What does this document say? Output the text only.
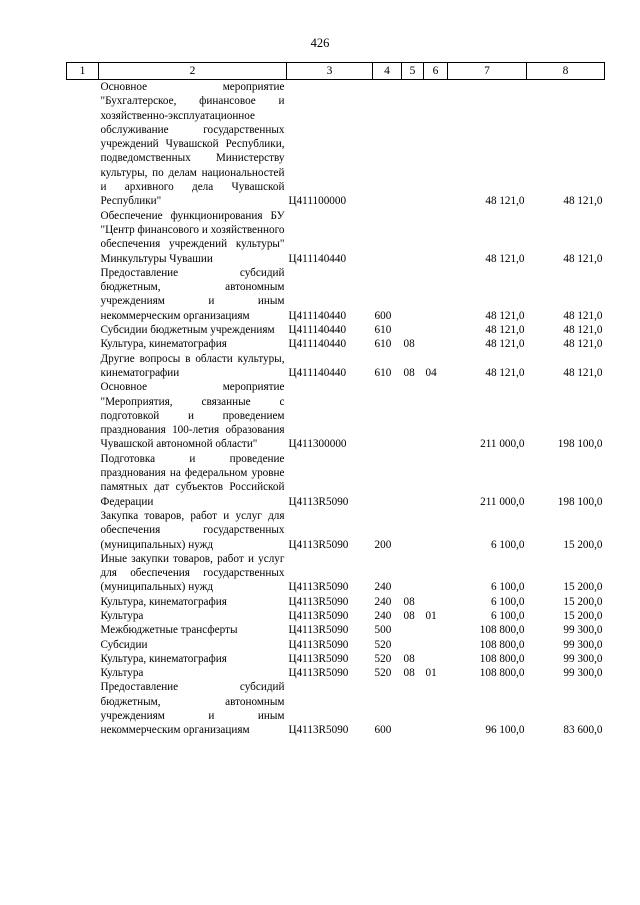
426
1	2	3	4	5	6	7	8
	Основное мероприятие "Бухгалтерское, финансовое и хозяйственно-эксплуатационное обслуживание государственных учреждений Чувашской Республики, подведомственных Министерству культуры, по делам национальностей и архивного дела Чувашской Республики"	Ц411100000				48 121,0	48 121,0
	Обеспечение функционирования БУ "Центр финансового и хозяйственного обеспечения учреждений культуры" Минкультуры Чувашии	Ц411140440				48 121,0	48 121,0
	Предоставление субсидий бюджетным, автономным учреждениям и иным некоммерческим организациям	Ц411140440	600			48 121,0	48 121,0
	Субсидии бюджетным учреждениям	Ц411140440	610			48 121,0	48 121,0
	Культура, кинематография	Ц411140440	610	08		48 121,0	48 121,0
	Другие вопросы в области культуры, кинематографии	Ц411140440	610	08	04	48 121,0	48 121,0
	Основное мероприятие "Мероприятия, связанные с подготовкой и проведением празднования 100-летия образования Чувашской автономной области"	Ц411300000				211 000,0	198 100,0
	Подготовка и проведение празднования на федеральном уровне памятных дат субъектов Российской Федерации	Ц4113R5090				211 000,0	198 100,0
	Закупка товаров, работ и услуг для обеспечения государственных (муниципальных) нужд	Ц4113R5090	200			6 100,0	15 200,0
	Иные закупки товаров, работ и услуг для обеспечения государственных (муниципальных) нужд	Ц4113R5090	240			6 100,0	15 200,0
	Культура, кинематография	Ц4113R5090	240	08		6 100,0	15 200,0
	Культура	Ц4113R5090	240	08	01	6 100,0	15 200,0
	Межбюджетные трансферты	Ц4113R5090	500			108 800,0	99 300,0
	Субсидии	Ц4113R5090	520			108 800,0	99 300,0
	Культура, кинематография	Ц4113R5090	520	08		108 800,0	99 300,0
	Культура	Ц4113R5090	520	08	01	108 800,0	99 300,0
	Предоставление субсидий бюджетным, автономным учреждениям и иным некоммерческим организациям	Ц4113R5090	600			96 100,0	83 600,0
